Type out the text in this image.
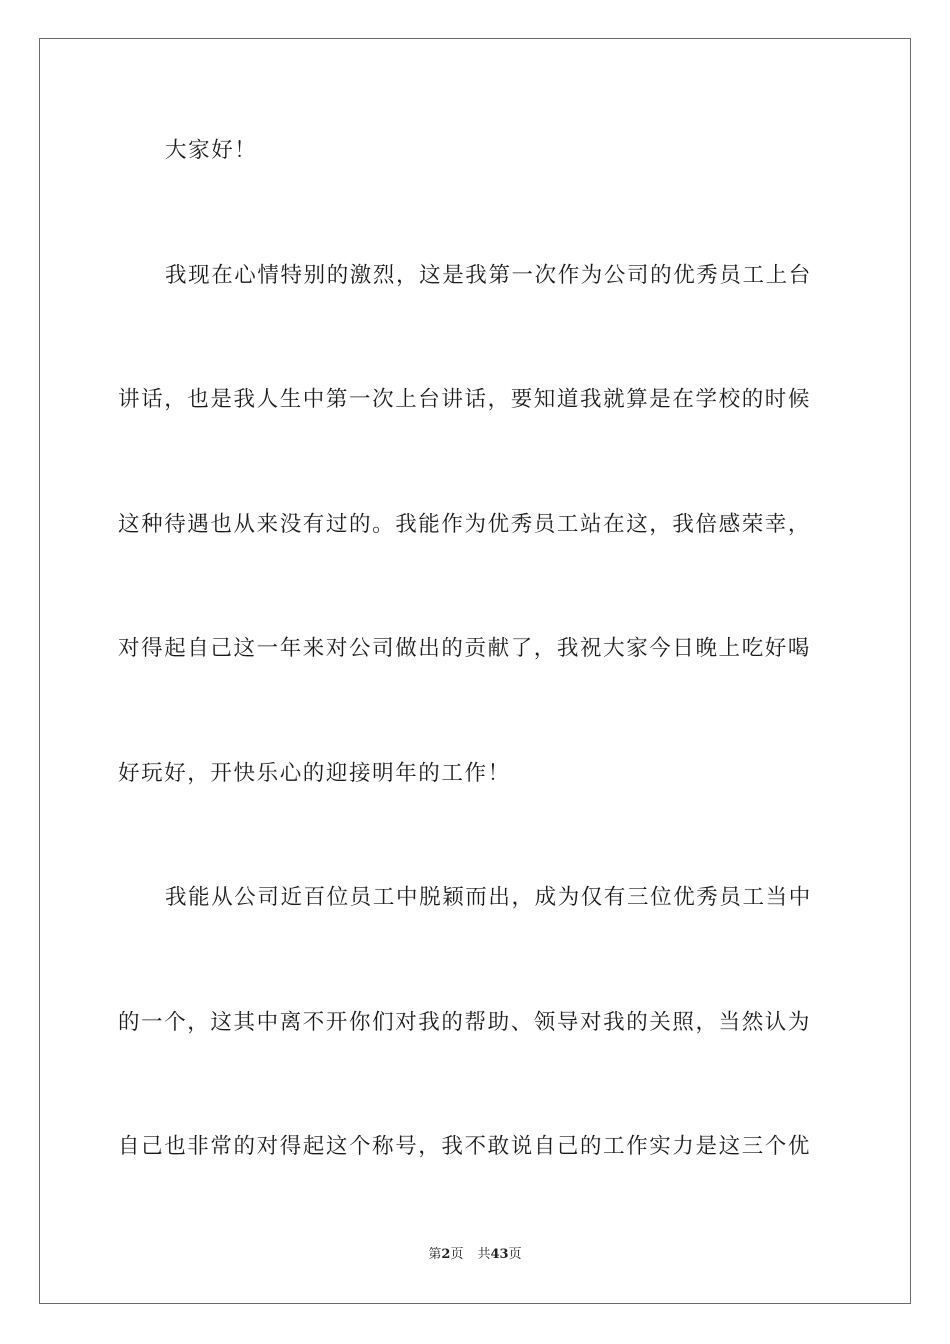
大家好！
我现在心情特别的激烈，这是我第一次作为公司的优秀员工上台
讲话，也是我人生中第一次上台讲话，要知道我就算是在学校的时候
这种待遇也从来没有过的。我能作为优秀员工站在这，我倍感荣幸，
对得起自己这一年来对公司做出的贡献了，我祝大家今日晚上吃好喝
好玩好，开快乐心的迎接明年的工作！
我能从公司近百位员工中脱颖而出，成为仅有三位优秀员工当中
的一个，这其中离不开你们对我的帮助、领导对我的关照，当然认为
自己也非常的对得起这个称号，我不敢说自己的工作实力是这三个优
第2页 共43页
